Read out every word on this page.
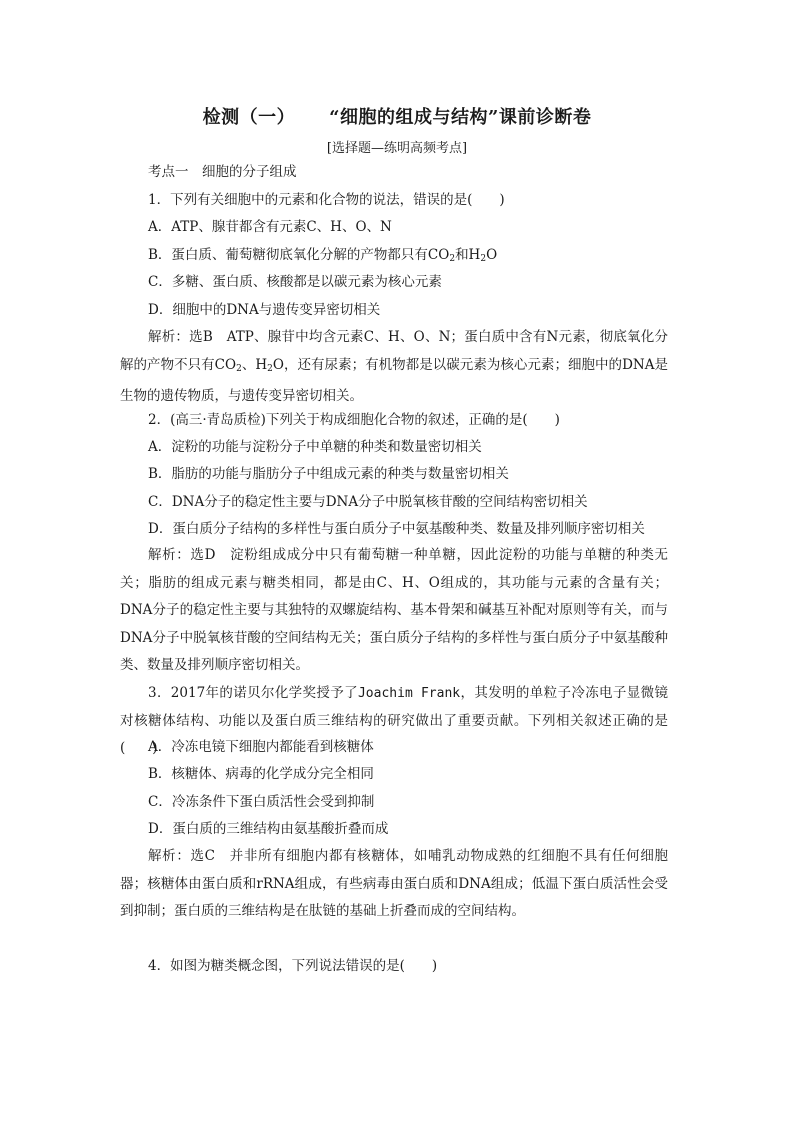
检测（一） “细胞的组成与结构”课前诊断卷
[选择题—练明高频考点]
考点一　细胞的分子组成
1．下列有关细胞中的元素和化合物的说法，错误的是(　　)
A．ATP、腺苷都含有元素C、H、O、N
B．蛋白质、葡萄糖彻底氧化分解的产物都只有$CO_2$和$H_2O$
C．多糖、蛋白质、核酸都是以碳元素为核心元素
D．细胞中的DNA与遗传变异密切相关
解析：选B　ATP、腺苷中均含元素C、H、O、N；蛋白质中含有N元素，彻底氧化分解的产物不只有$CO_2$、$H_2O$，还有尿素；有机物都是以碳元素为核心元素；细胞中的DNA是生物的遗传物质，与遗传变异密切相关。
2．(高三·青岛质检)下列关于构成细胞化合物的叙述，正确的是(　　)
A．淀粉的功能与淀粉分子中单糖的种类和数量密切相关
B．脂肪的功能与脂肪分子中组成元素的种类与数量密切相关
C．DNA分子的稳定性主要与DNA分子中脱氧核苷酸的空间结构密切相关
D．蛋白质分子结构的多样性与蛋白质分子中氨基酸种类、数量及排列顺序密切相关
解析：选D　淀粉组成成分中只有葡萄糖一种单糖，因此淀粉的功能与单糖的种类无关；脂肪的组成元素与糖类相同，都是由C、H、O组成的，其功能与元素的含量有关；DNA分子的稳定性主要与其独特的双螺旋结构、基本骨架和碱基互补配对原则等有关，而与DNA分子中脱氧核苷酸的空间结构无关；蛋白质分子结构的多样性与蛋白质分子中氨基酸种类、数量及排列顺序密切相关。
3．2017年的诺贝尔化学奖授予了Joachim Frank，其发明的单粒子冷冻电子显微镜对核糖体结构、功能以及蛋白质三维结构的研究做出了重要贡献。下列相关叙述正确的是(　　)
A．冷冻电镜下细胞内都能看到核糖体
B．核糖体、病毒的化学成分完全相同
C．冷冻条件下蛋白质活性会受到抑制
D．蛋白质的三维结构由氨基酸折叠而成
解析：选C　并非所有细胞内都有核糖体，如哺乳动物成熟的红细胞不具有任何细胞器；核糖体由蛋白质和rRNA组成，有些病毒由蛋白质和DNA组成；低温下蛋白质活性会受到抑制；蛋白质的三维结构是在肽链的基础上折叠而成的空间结构。
4．如图为糖类概念图，下列说法错误的是(　　)
